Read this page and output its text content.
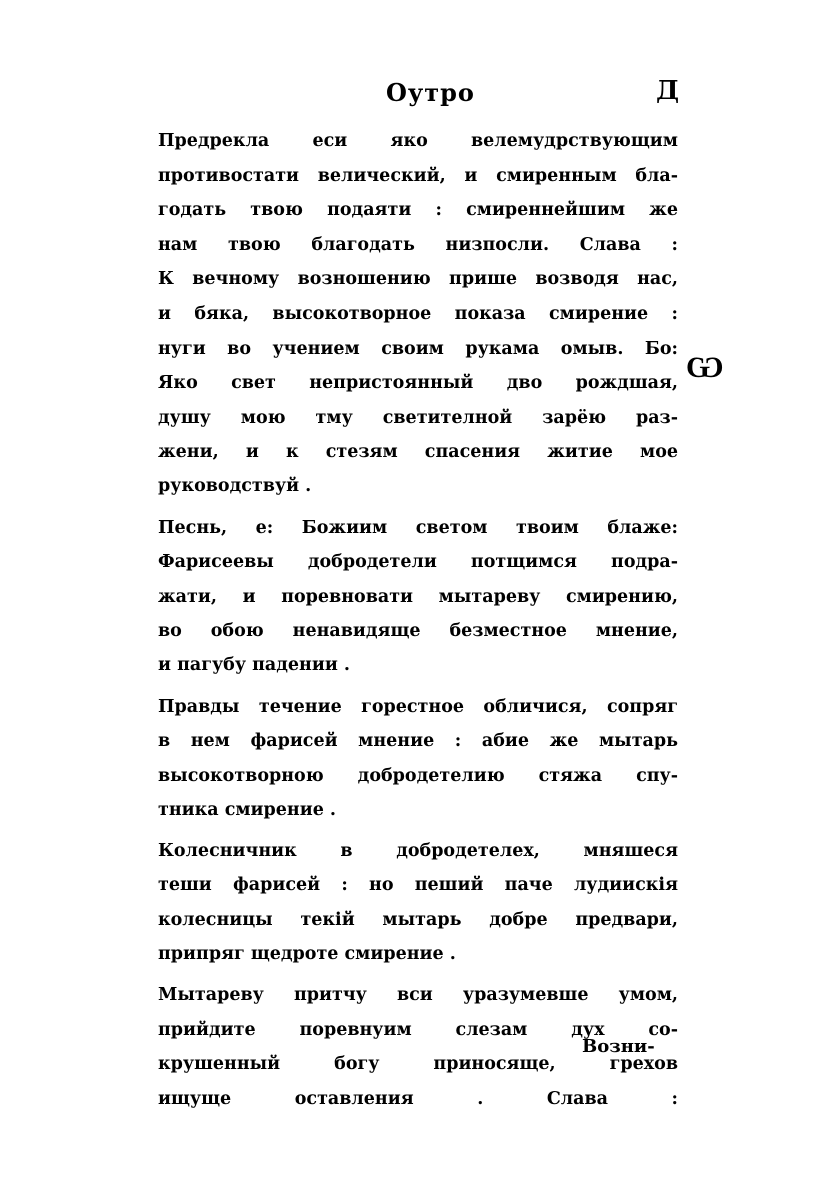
Оутро	Д
Ѡ
Предрекла еси яко велемудрствующим
противостати велический, и смиренным бла-
годать твою подаяти : смиреннейшим же
нам твою благодать низпосли. Слава :
К вечному возношению прише возводя нас,
и бяка, высокотворное показа смирение :
нуги во учением своим рукама омыв. Бо:
Яко свет непристоянный дво рождшая,
душу мою тму светителной зарёю раз-
жени, и к стезям спасения житие мое
руководствуй .
Песнь, е: Божиим светом твоим блаже:
Фарисеевы добродетели потщимся подра-
жати, и поревновати мытареву смирению,
во обою ненавидяще безместное мнение,
и пагубу падении .
Правды течение горестное обличися, сопряг
в нем фарисей мнение : абие же мытарь
высокотворною добродетелию стяжа спу-
тника смирение .
Колесничник в добродетелех, мняшеся
теши фарисей : но пеший паче лудиискія
колесницы текій мытарь добре предвари,
припряг щедроте смирение .
Мытареву притчу вси уразумевше умом,
прийдите поревнуим слезам дух со-
крушенный богу приносяще, грехов
ищуще оставления . Слава :
Возни-
